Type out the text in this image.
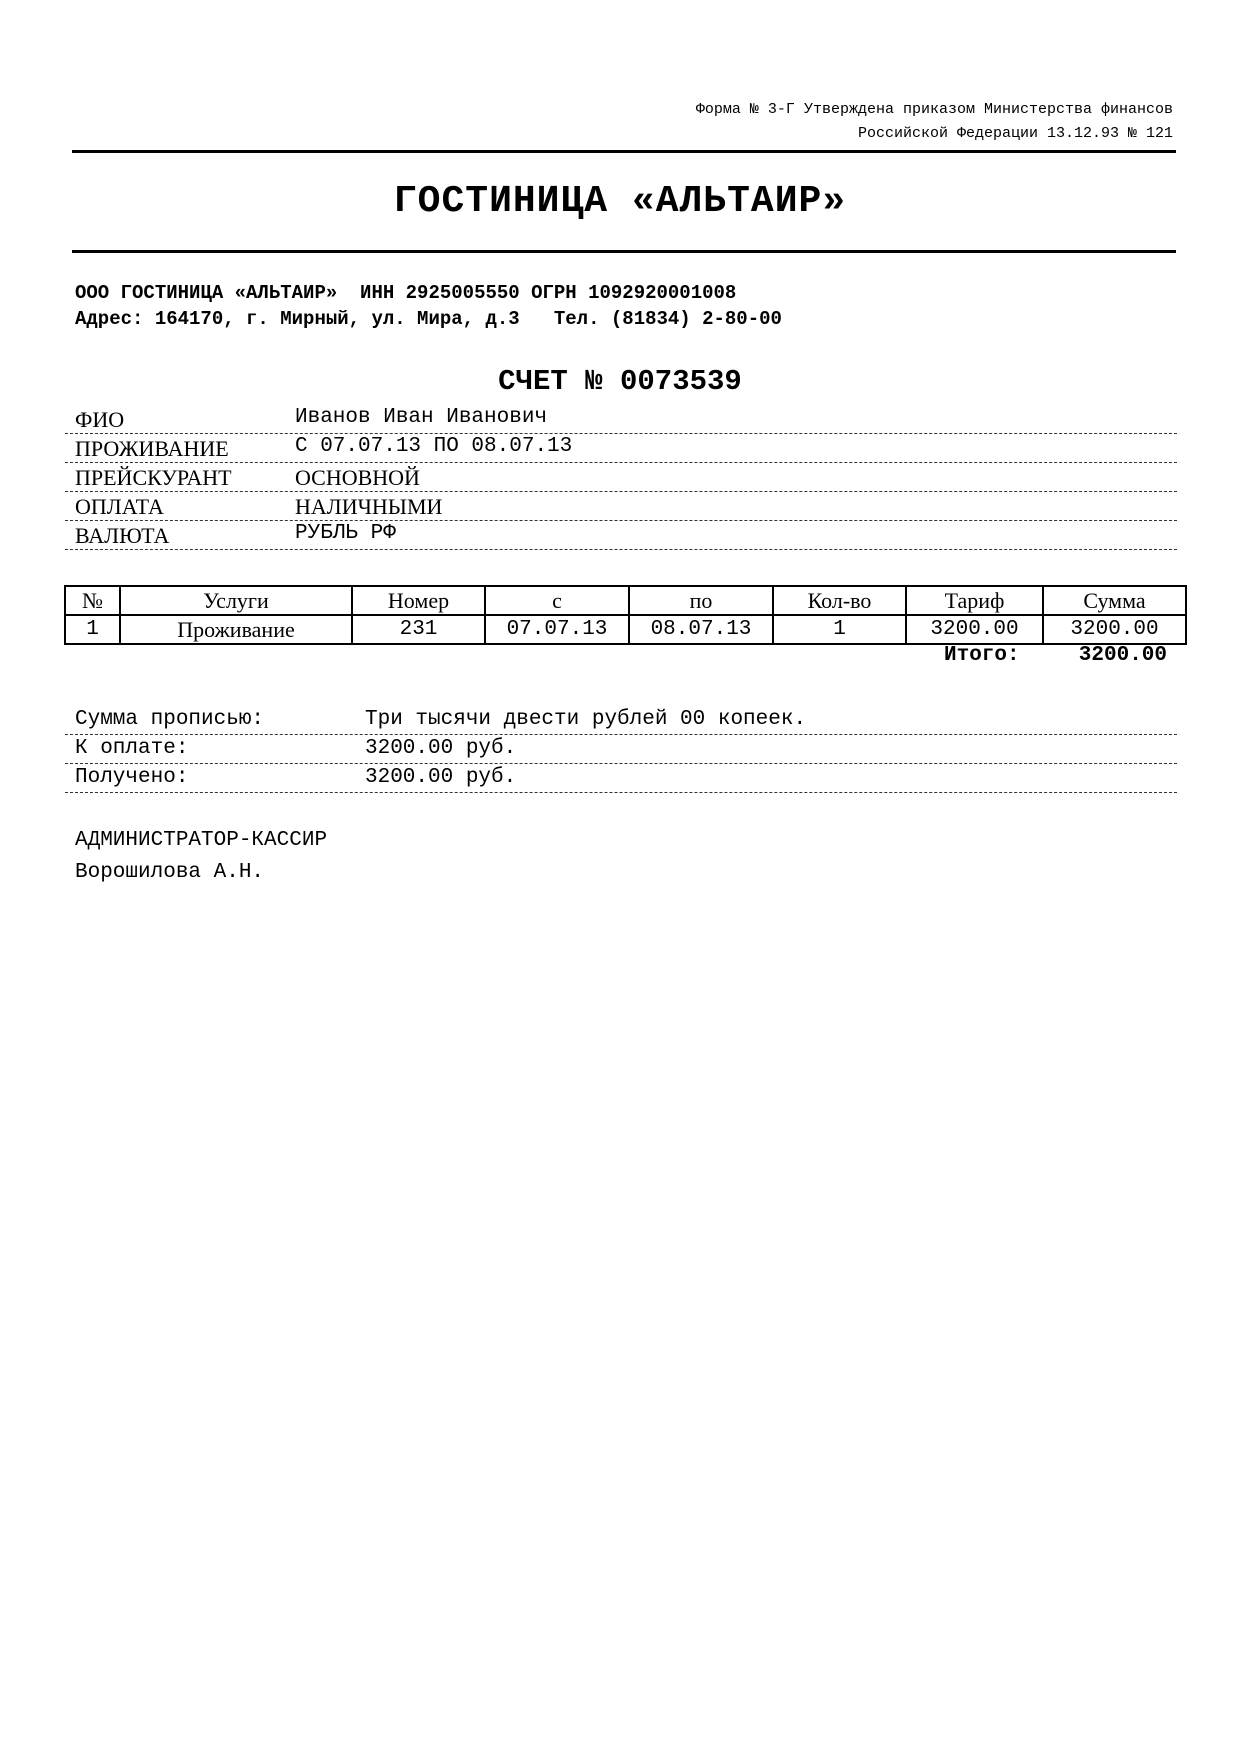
Форма № 3-Г Утверждена приказом Министерства финансов
Российской Федерации 13.12.93 № 121
ГОСТИНИЦА «АЛЬТАИР»
ООО ГОСТИНИЦА «АЛЬТАИР»  ИНН 2925005550 ОГРН 1092920001008
Адрес: 164170, г. Мирный, ул. Мира, д.3   Тел. (81834) 2-80-00
СЧЕТ № 0073539
ФИО	Иванов Иван Иванович
ПРОЖИВАНИЕ	С 07.07.13 ПО 08.07.13
ПРЕЙСКУРАНТ	ОСНОВНОЙ
ОПЛАТА	НАЛИЧНЫМИ
ВАЛЮТА	РУБЛЬ РФ
№	Услуги	Номер	с	по	Кол-во	Тариф	Сумма
1	Проживание	231	07.07.13	08.07.13	1	3200.00	3200.00
Итого:	3200.00
Сумма прописью:	Три тысячи двести рублей 00 копеек.
К оплате:	3200.00 руб.
Получено:	3200.00 руб.
АДМИНИСТРАТОР-КАССИР
Ворошилова А.Н.
